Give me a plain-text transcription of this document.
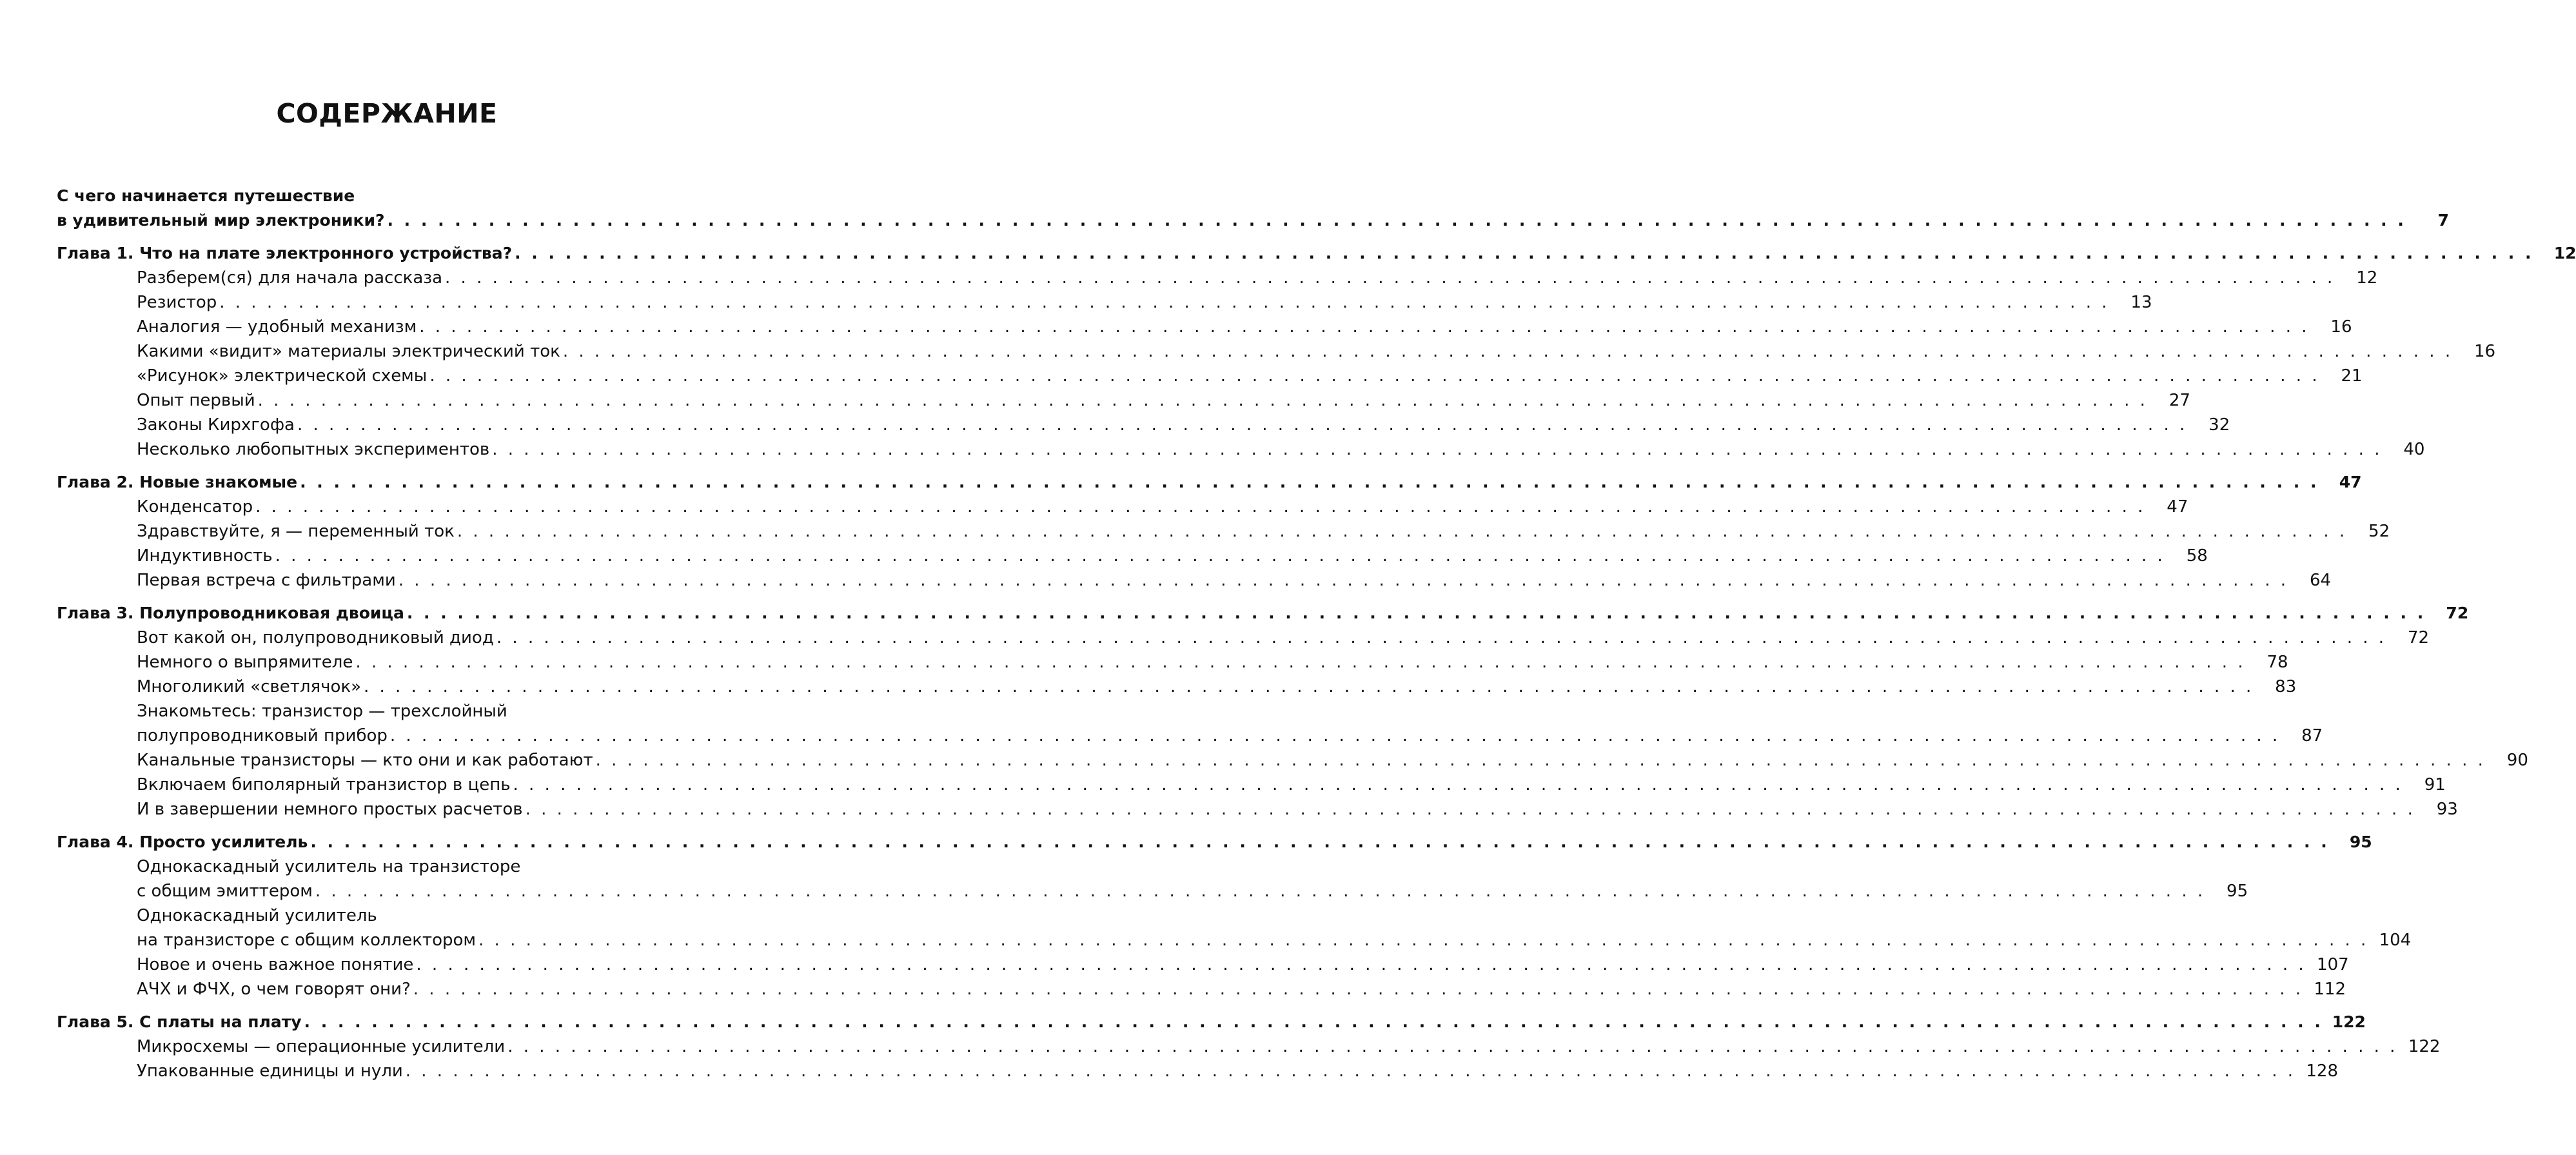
СОДЕРЖАНИЕ
С чего начинается путешествие
в удивительный мир электроники? . . . . . . . . . . . . . . . . . . . . . . . . . . . . . . . . . . . . . . . . . . . . . . . . . . . . . . . . . . . . . . . . . . . . . . . . . . . . . . . . . . . . . . . . . . . . . . . . . . . . . . . . . . . . . . . . . . . . . . . .	7
Глава 1. Что на плате электронного устройства? . . . . . . . . . . . . . . . . . . . . . . . . . . . . . . . . . . . . . . . . . . . . . . . . . . . . . . . . . . . . . . . . . . . . . . . . . . . . . . . . . . . . . . . . . . . . . . . . . . . . . . . . . . . . . . . . . . . . . . . .	12
Разберем(ся) для начала рассказа . . . . . . . . . . . . . . . . . . . . . . . . . . . . . . . . . . . . . . . . . . . . . . . . . . . . . . . . . . . . . . . . . . . . . . . . . . . . . . . . . . . . . . . . . . . . . . . . . . . . . . . . . . . . . . . . . . . . . . . .	12
Резистор . . . . . . . . . . . . . . . . . . . . . . . . . . . . . . . . . . . . . . . . . . . . . . . . . . . . . . . . . . . . . . . . . . . . . . . . . . . . . . . . . . . . . . . . . . . . . . . . . . . . . . . . . . . . . . . . . . . . . . . .	13
Аналогия — удобный механизм . . . . . . . . . . . . . . . . . . . . . . . . . . . . . . . . . . . . . . . . . . . . . . . . . . . . . . . . . . . . . . . . . . . . . . . . . . . . . . . . . . . . . . . . . . . . . . . . . . . . . . . . . . . . . . . . . . . . . . . .	16
Какими «видит» материалы электрический ток . . . . . . . . . . . . . . . . . . . . . . . . . . . . . . . . . . . . . . . . . . . . . . . . . . . . . . . . . . . . . . . . . . . . . . . . . . . . . . . . . . . . . . . . . . . . . . . . . . . . . . . . . . . . . . . . . . . . . . . .	16
«Рисунок» электрической схемы . . . . . . . . . . . . . . . . . . . . . . . . . . . . . . . . . . . . . . . . . . . . . . . . . . . . . . . . . . . . . . . . . . . . . . . . . . . . . . . . . . . . . . . . . . . . . . . . . . . . . . . . . . . . . . . . . . . . . . . .	21
Опыт первый . . . . . . . . . . . . . . . . . . . . . . . . . . . . . . . . . . . . . . . . . . . . . . . . . . . . . . . . . . . . . . . . . . . . . . . . . . . . . . . . . . . . . . . . . . . . . . . . . . . . . . . . . . . . . . . . . . . . . . . .	27
Законы Кирхгофа . . . . . . . . . . . . . . . . . . . . . . . . . . . . . . . . . . . . . . . . . . . . . . . . . . . . . . . . . . . . . . . . . . . . . . . . . . . . . . . . . . . . . . . . . . . . . . . . . . . . . . . . . . . . . . . . . . . . . . . .	32
Несколько любопытных экспериментов . . . . . . . . . . . . . . . . . . . . . . . . . . . . . . . . . . . . . . . . . . . . . . . . . . . . . . . . . . . . . . . . . . . . . . . . . . . . . . . . . . . . . . . . . . . . . . . . . . . . . . . . . . . . . . . . . . . . . . . .	40
Глава 2. Новые знакомые . . . . . . . . . . . . . . . . . . . . . . . . . . . . . . . . . . . . . . . . . . . . . . . . . . . . . . . . . . . . . . . . . . . . . . . . . . . . . . . . . . . . . . . . . . . . . . . . . . . . . . . . . . . . . . . . . . . . . . . .	47
Конденсатор . . . . . . . . . . . . . . . . . . . . . . . . . . . . . . . . . . . . . . . . . . . . . . . . . . . . . . . . . . . . . . . . . . . . . . . . . . . . . . . . . . . . . . . . . . . . . . . . . . . . . . . . . . . . . . . . . . . . . . . .	47
Здравствуйте, я — переменный ток . . . . . . . . . . . . . . . . . . . . . . . . . . . . . . . . . . . . . . . . . . . . . . . . . . . . . . . . . . . . . . . . . . . . . . . . . . . . . . . . . . . . . . . . . . . . . . . . . . . . . . . . . . . . . . . . . . . . . . . .	52
Индуктивность . . . . . . . . . . . . . . . . . . . . . . . . . . . . . . . . . . . . . . . . . . . . . . . . . . . . . . . . . . . . . . . . . . . . . . . . . . . . . . . . . . . . . . . . . . . . . . . . . . . . . . . . . . . . . . . . . . . . . . . .	58
Первая встреча с фильтрами . . . . . . . . . . . . . . . . . . . . . . . . . . . . . . . . . . . . . . . . . . . . . . . . . . . . . . . . . . . . . . . . . . . . . . . . . . . . . . . . . . . . . . . . . . . . . . . . . . . . . . . . . . . . . . . . . . . . . . . .	64
Глава 3. Полупроводниковая двоица . . . . . . . . . . . . . . . . . . . . . . . . . . . . . . . . . . . . . . . . . . . . . . . . . . . . . . . . . . . . . . . . . . . . . . . . . . . . . . . . . . . . . . . . . . . . . . . . . . . . . . . . . . . . . . . . . . . . . . . .	72
Вот какой он, полупроводниковый диод . . . . . . . . . . . . . . . . . . . . . . . . . . . . . . . . . . . . . . . . . . . . . . . . . . . . . . . . . . . . . . . . . . . . . . . . . . . . . . . . . . . . . . . . . . . . . . . . . . . . . . . . . . . . . . . . . . . . . . . .	72
Немного о выпрямителе . . . . . . . . . . . . . . . . . . . . . . . . . . . . . . . . . . . . . . . . . . . . . . . . . . . . . . . . . . . . . . . . . . . . . . . . . . . . . . . . . . . . . . . . . . . . . . . . . . . . . . . . . . . . . . . . . . . . . . . .	78
Многоликий «светлячок» . . . . . . . . . . . . . . . . . . . . . . . . . . . . . . . . . . . . . . . . . . . . . . . . . . . . . . . . . . . . . . . . . . . . . . . . . . . . . . . . . . . . . . . . . . . . . . . . . . . . . . . . . . . . . . . . . . . . . . . .	83
Знакомьтесь: транзистор — трехслойный
полупроводниковый прибор . . . . . . . . . . . . . . . . . . . . . . . . . . . . . . . . . . . . . . . . . . . . . . . . . . . . . . . . . . . . . . . . . . . . . . . . . . . . . . . . . . . . . . . . . . . . . . . . . . . . . . . . . . . . . . . . . . . . . . . .	87
Канальные транзисторы — кто они и как работают . . . . . . . . . . . . . . . . . . . . . . . . . . . . . . . . . . . . . . . . . . . . . . . . . . . . . . . . . . . . . . . . . . . . . . . . . . . . . . . . . . . . . . . . . . . . . . . . . . . . . . . . . . . . . . . . . . . . . . . .	90
Включаем биполярный транзистор в цепь . . . . . . . . . . . . . . . . . . . . . . . . . . . . . . . . . . . . . . . . . . . . . . . . . . . . . . . . . . . . . . . . . . . . . . . . . . . . . . . . . . . . . . . . . . . . . . . . . . . . . . . . . . . . . . . . . . . . . . . .	91
И в завершении немного простых расчетов . . . . . . . . . . . . . . . . . . . . . . . . . . . . . . . . . . . . . . . . . . . . . . . . . . . . . . . . . . . . . . . . . . . . . . . . . . . . . . . . . . . . . . . . . . . . . . . . . . . . . . . . . . . . . . . . . . . . . . . .	93
Глава 4. Просто усилитель . . . . . . . . . . . . . . . . . . . . . . . . . . . . . . . . . . . . . . . . . . . . . . . . . . . . . . . . . . . . . . . . . . . . . . . . . . . . . . . . . . . . . . . . . . . . . . . . . . . . . . . . . . . . . . . . . . . . . . . .	95
Однокаскадный усилитель на транзисторе
с общим эмиттером . . . . . . . . . . . . . . . . . . . . . . . . . . . . . . . . . . . . . . . . . . . . . . . . . . . . . . . . . . . . . . . . . . . . . . . . . . . . . . . . . . . . . . . . . . . . . . . . . . . . . . . . . . . . . . . . . . . . . . . .	95
Однокаскадный усилитель
на транзисторе с общим коллектором . . . . . . . . . . . . . . . . . . . . . . . . . . . . . . . . . . . . . . . . . . . . . . . . . . . . . . . . . . . . . . . . . . . . . . . . . . . . . . . . . . . . . . . . . . . . . . . . . . . . . . . . . . . . . . . . . . . . . . . . 104
Новое и очень важное понятие . . . . . . . . . . . . . . . . . . . . . . . . . . . . . . . . . . . . . . . . . . . . . . . . . . . . . . . . . . . . . . . . . . . . . . . . . . . . . . . . . . . . . . . . . . . . . . . . . . . . . . . . . . . . . . . . . . . . . . . . 107
АЧХ и ФЧХ, о чем говорят они? . . . . . . . . . . . . . . . . . . . . . . . . . . . . . . . . . . . . . . . . . . . . . . . . . . . . . . . . . . . . . . . . . . . . . . . . . . . . . . . . . . . . . . . . . . . . . . . . . . . . . . . . . . . . . . . . . . . . . . . . 112
Глава 5. С платы на плату . . . . . . . . . . . . . . . . . . . . . . . . . . . . . . . . . . . . . . . . . . . . . . . . . . . . . . . . . . . . . . . . . . . . . . . . . . . . . . . . . . . . . . . . . . . . . . . . . . . . . . . . . . . . . . . . . . . . . . . . 122
Микросхемы — операционные усилители . . . . . . . . . . . . . . . . . . . . . . . . . . . . . . . . . . . . . . . . . . . . . . . . . . . . . . . . . . . . . . . . . . . . . . . . . . . . . . . . . . . . . . . . . . . . . . . . . . . . . . . . . . . . . . . . . . . . . . . . 122
Упакованные единицы и нули . . . . . . . . . . . . . . . . . . . . . . . . . . . . . . . . . . . . . . . . . . . . . . . . . . . . . . . . . . . . . . . . . . . . . . . . . . . . . . . . . . . . . . . . . . . . . . . . . . . . . . . . . . . . . . . . . . . . . . . . 128
